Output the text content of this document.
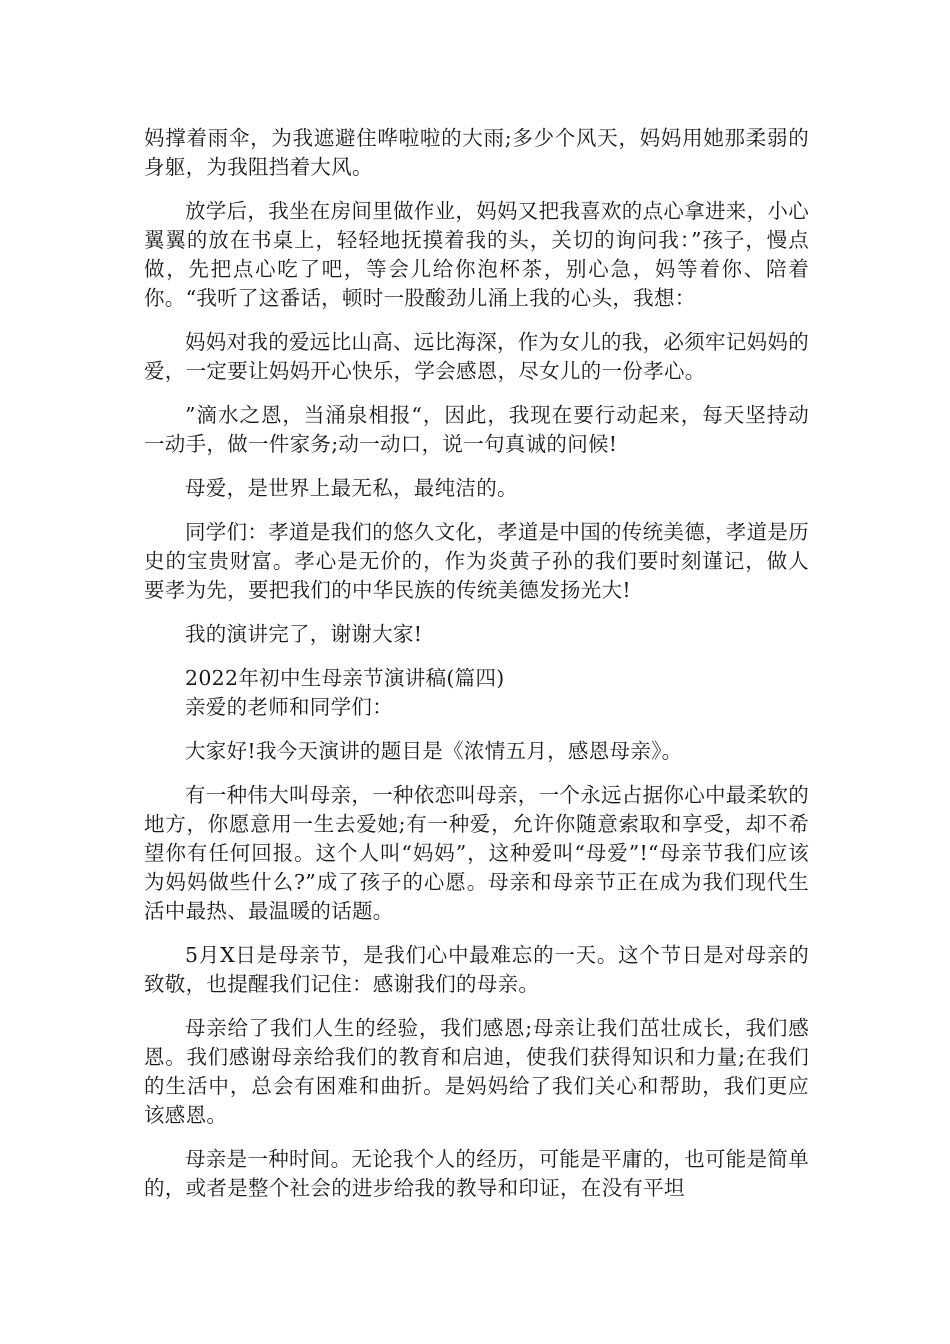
妈撑着雨伞，为我遮避住哗啦啦的大雨;多少个风天，妈妈用她那柔弱的身躯，为我阻挡着大风。

放学后，我坐在房间里做作业，妈妈又把我喜欢的点心拿进来，小心翼翼的放在书桌上，轻轻地抚摸着我的头，关切的询问我：”孩子，慢点做，先把点心吃了吧，等会儿给你泡杯茶，别心急，妈等着你、陪着你。“我听了这番话，顿时一股酸劲儿涌上我的心头，我想：

妈妈对我的爱远比山高、远比海深，作为女儿的我，必须牢记妈妈的爱，一定要让妈妈开心快乐，学会感恩，尽女儿的一份孝心。

”滴水之恩，当涌泉相报“，因此，我现在要行动起来，每天坚持动一动手，做一件家务;动一动口，说一句真诚的问候!

母爱，是世界上最无私，最纯洁的。

同学们：孝道是我们的悠久文化，孝道是中国的传统美德，孝道是历史的宝贵财富。孝心是无价的，作为炎黄子孙的我们要时刻谨记，做人要孝为先，要把我们的中华民族的传统美德发扬光大!

我的演讲完了，谢谢大家!

2022年初中生母亲节演讲稿(篇四)

亲爱的老师和同学们：

大家好!我今天演讲的题目是《浓情五月，感恩母亲》。

有一种伟大叫母亲，一种依恋叫母亲，一个永远占据你心中最柔软的地方，你愿意用一生去爱她;有一种爱，允许你随意索取和享受，却不希望你有任何回报。这个人叫“妈妈”，这种爱叫“母爱”!“母亲节我们应该为妈妈做些什么?”成了孩子的心愿。母亲和母亲节正在成为我们现代生活中最热、最温暖的话题。

5月X日是母亲节，是我们心中最难忘的一天。这个节日是对母亲的致敬，也提醒我们记住：感谢我们的母亲。

母亲给了我们人生的经验，我们感恩;母亲让我们茁壮成长，我们感恩。我们感谢母亲给我们的教育和启迪，使我们获得知识和力量;在我们的生活中，总会有困难和曲折。是妈妈给了我们关心和帮助，我们更应该感恩。

母亲是一种时间。无论我个人的经历，可能是平庸的，也可能是简单的，或者是整个社会的进步给我的教导和印证，在没有平坦
